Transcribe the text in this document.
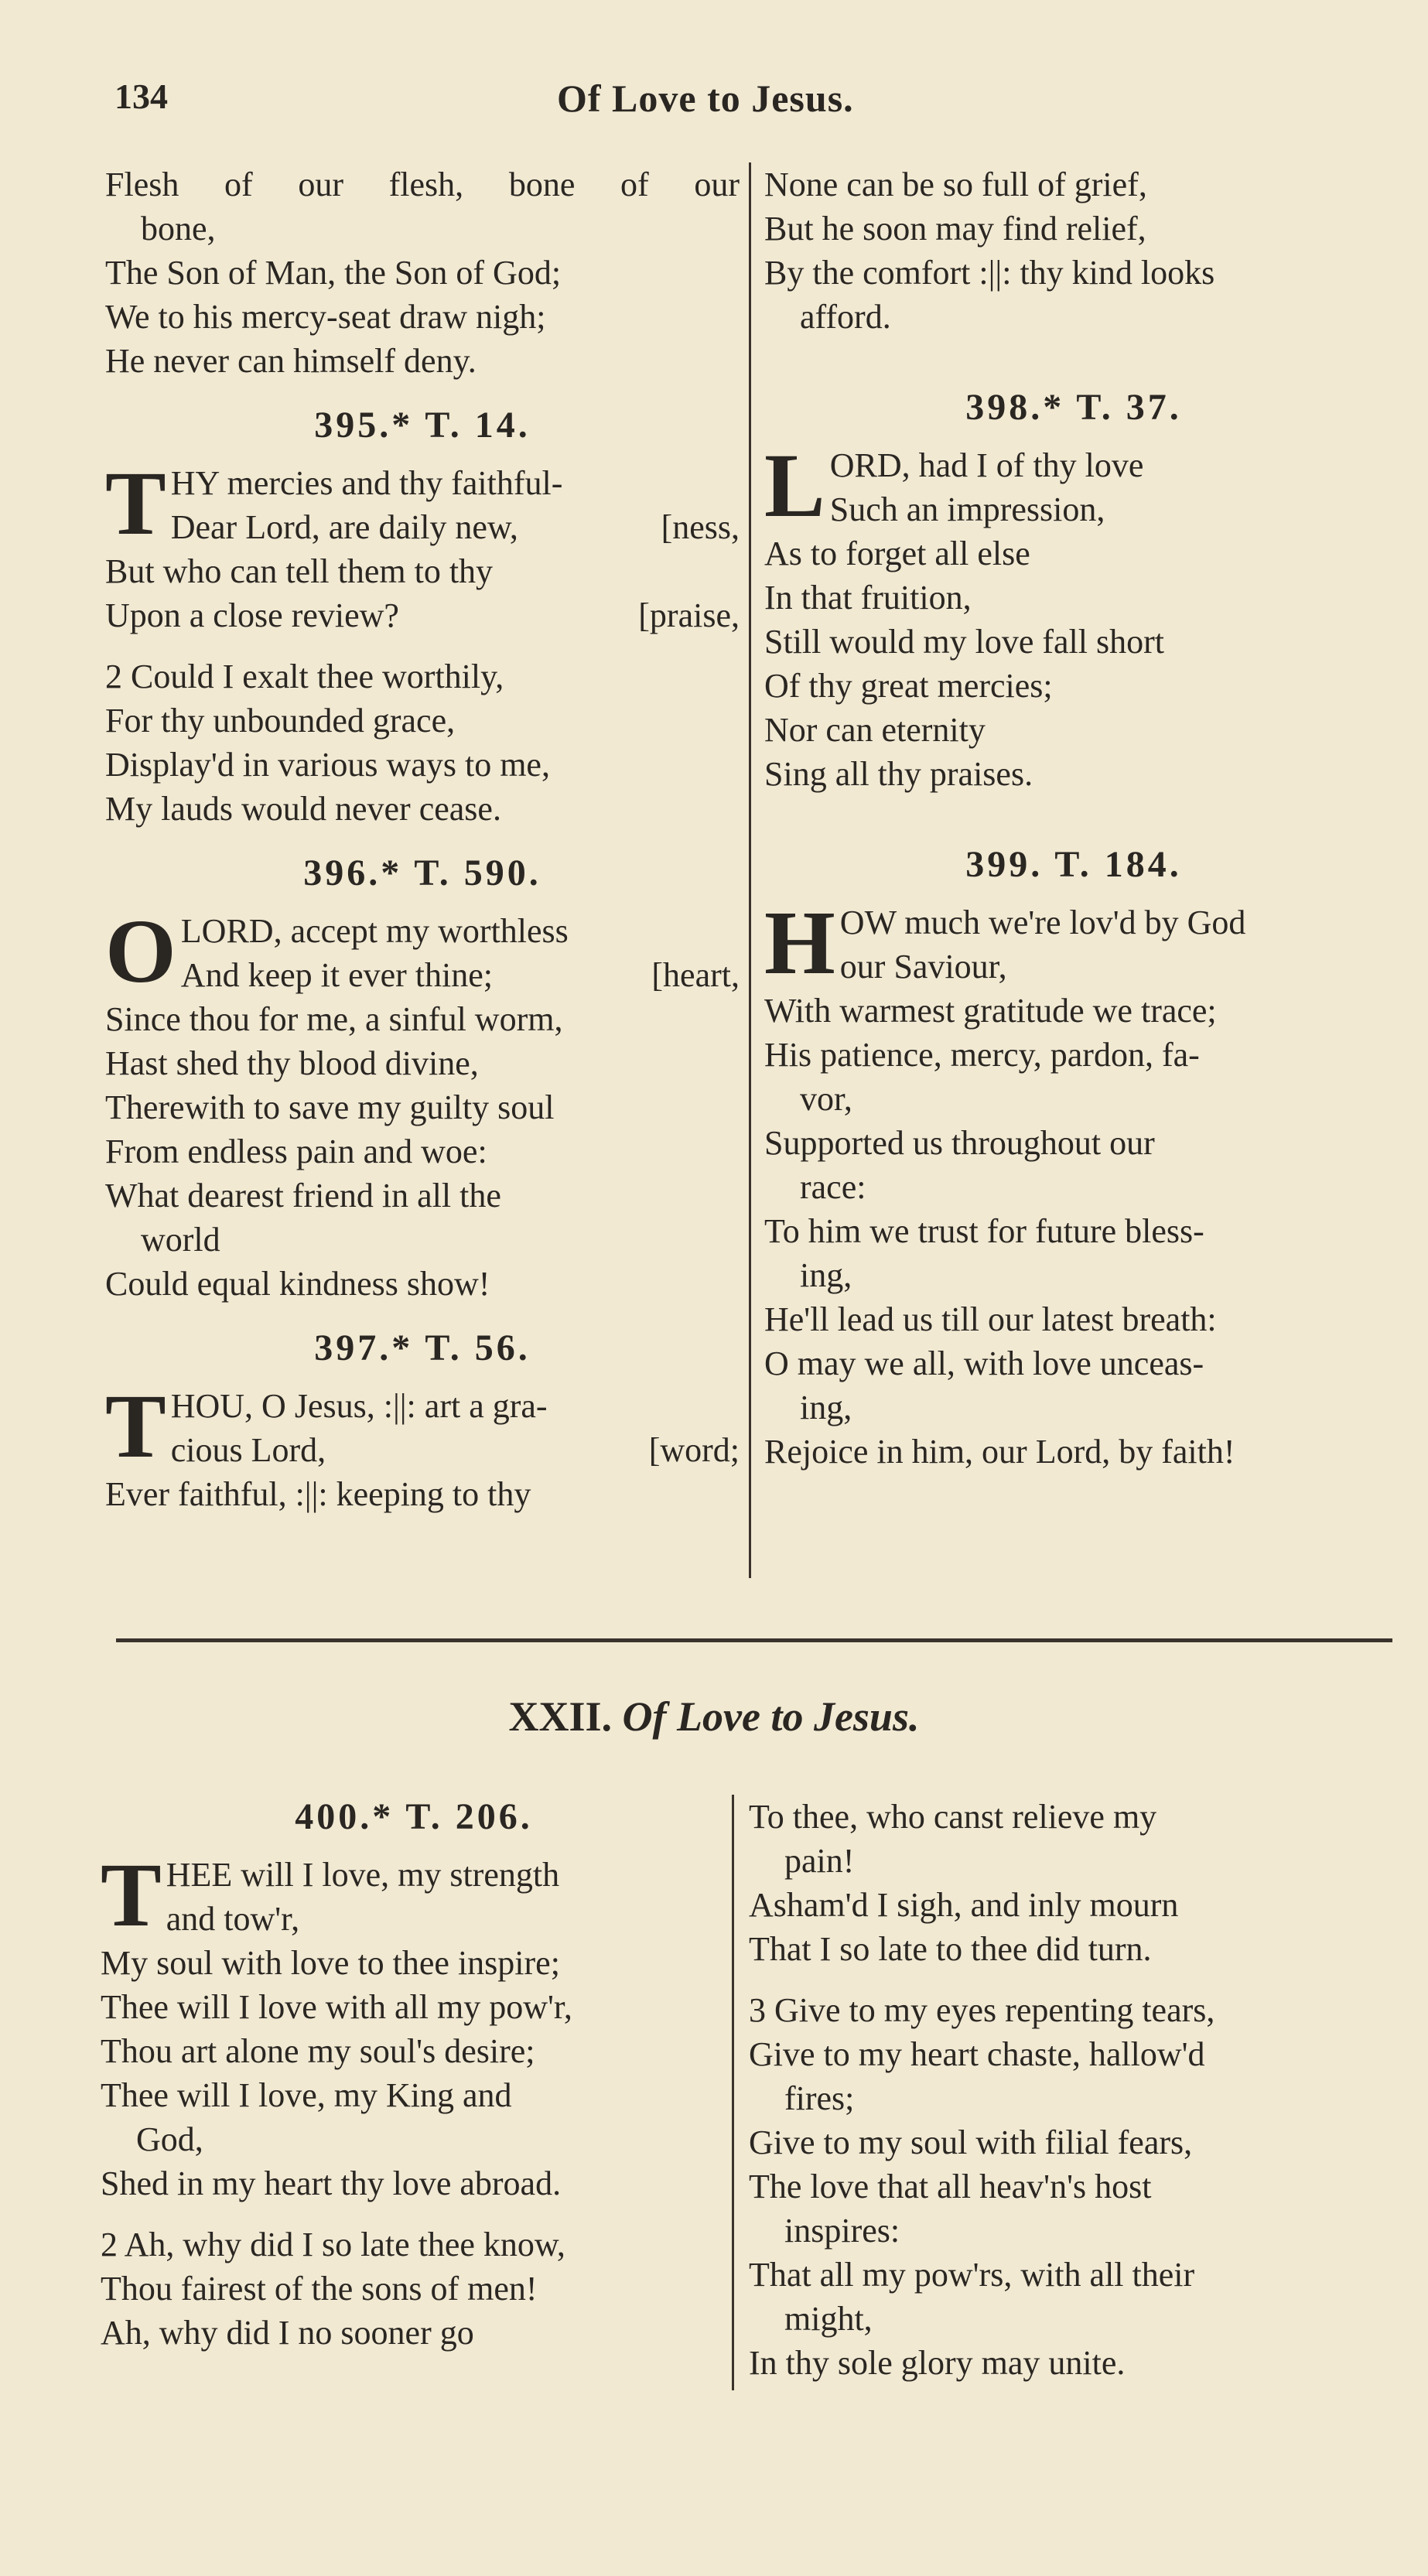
134	Of Love to Jesus.
Flesh of our flesh, bone of our
bone,
The Son of Man, the Son of God;
We to his mercy-seat draw nigh;
He never can himself deny.
395.* T. 14.
T HY mercies and thy faithful-
Dear Lord, are daily new,	[ness,
But who can tell them to thy
Upon a close review?	[praise,
2 Could I exalt thee worthily,
For thy unbounded grace,
Display'd in various ways to me,
My lauds would never cease.
396.* T. 590.
O LORD, accept my worthless
And keep it ever thine;	[heart,
Since thou for me, a sinful worm,
Hast shed thy blood divine,
Therewith to save my guilty soul
From endless pain and woe:
What dearest friend in all the
world
Could equal kindness show!
397.* T. 56.
T HOU, O Jesus, :||: art a gra-
cious Lord,	[word;
Ever faithful, :||: keeping to thy
None can be so full of grief,
But he soon may find relief,
By the comfort :||: thy kind looks
afford.
398.* T. 37.
L ORD, had I of thy love
Such an impression,
As to forget all else
In that fruition,
Still would my love fall short
Of thy great mercies;
Nor can eternity
Sing all thy praises.
399. T. 184.
H OW much we're lov'd by God
our Saviour,
With warmest gratitude we trace;
His patience, mercy, pardon, fa-
vor,
Supported us throughout our
race:
To him we trust for future bless-
ing,
He'll lead us till our latest breath:
O may we all, with love unceas-
ing,
Rejoice in him, our Lord, by faith!
XXII. Of Love to Jesus.
400.* T. 206.
T HEE will I love, my strength
and tow'r,
My soul with love to thee inspire;
Thee will I love with all my pow'r,
Thou art alone my soul's desire;
Thee will I love, my King and
God,
Shed in my heart thy love abroad.
2 Ah, why did I so late thee know,
Thou fairest of the sons of men!
Ah, why did I no sooner go
To thee, who canst relieve my
pain!
Asham'd I sigh, and inly mourn
That I so late to thee did turn.
3 Give to my eyes repenting tears,
Give to my heart chaste, hallow'd
fires;
Give to my soul with filial fears,
The love that all heav'n's host
inspires:
That all my pow'rs, with all their
might,
In thy sole glory may unite.
